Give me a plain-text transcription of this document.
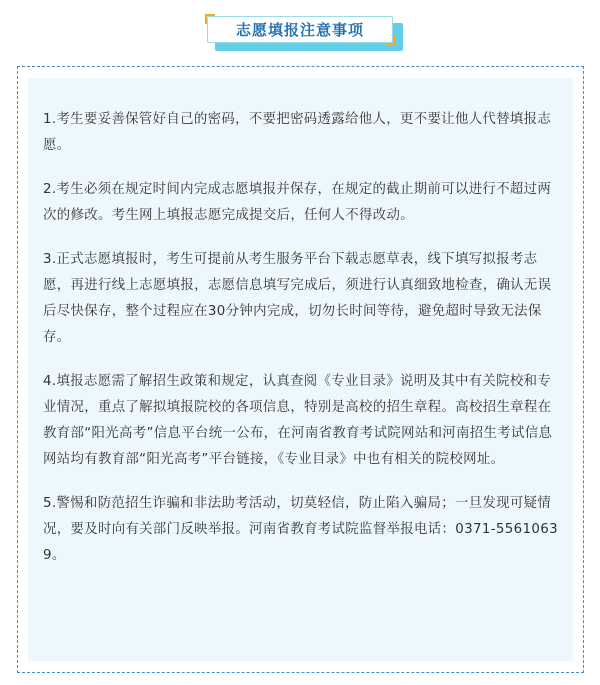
志愿填报注意事项

1.考生要妥善保管好自己的密码，不要把密码透露给他人，更不要让他人代替填报志愿。

2.考生必须在规定时间内完成志愿填报并保存，在规定的截止期前可以进行不超过两次的修改。考生网上填报志愿完成提交后，任何人不得改动。

3.正式志愿填报时，考生可提前从考生服务平台下载志愿草表，线下填写拟报考志愿，再进行线上志愿填报，志愿信息填写完成后，须进行认真细致地检查，确认无误后尽快保存，整个过程应在30分钟内完成，切勿长时间等待，避免超时导致无法保存。

4.填报志愿需了解招生政策和规定，认真查阅《专业目录》说明及其中有关院校和专业情况，重点了解拟填报院校的各项信息，特别是高校的招生章程。高校招生章程在教育部“阳光高考”信息平台统一公布，在河南省教育考试院网站和河南招生考试信息网站均有教育部“阳光高考”平台链接，《专业目录》中也有相关的院校网址。

5.警惕和防范招生诈骗和非法助考活动，切莫轻信，防止陷入骗局；一旦发现可疑情况，要及时向有关部门反映举报。河南省教育考试院监督举报电话：0371-55610639。
